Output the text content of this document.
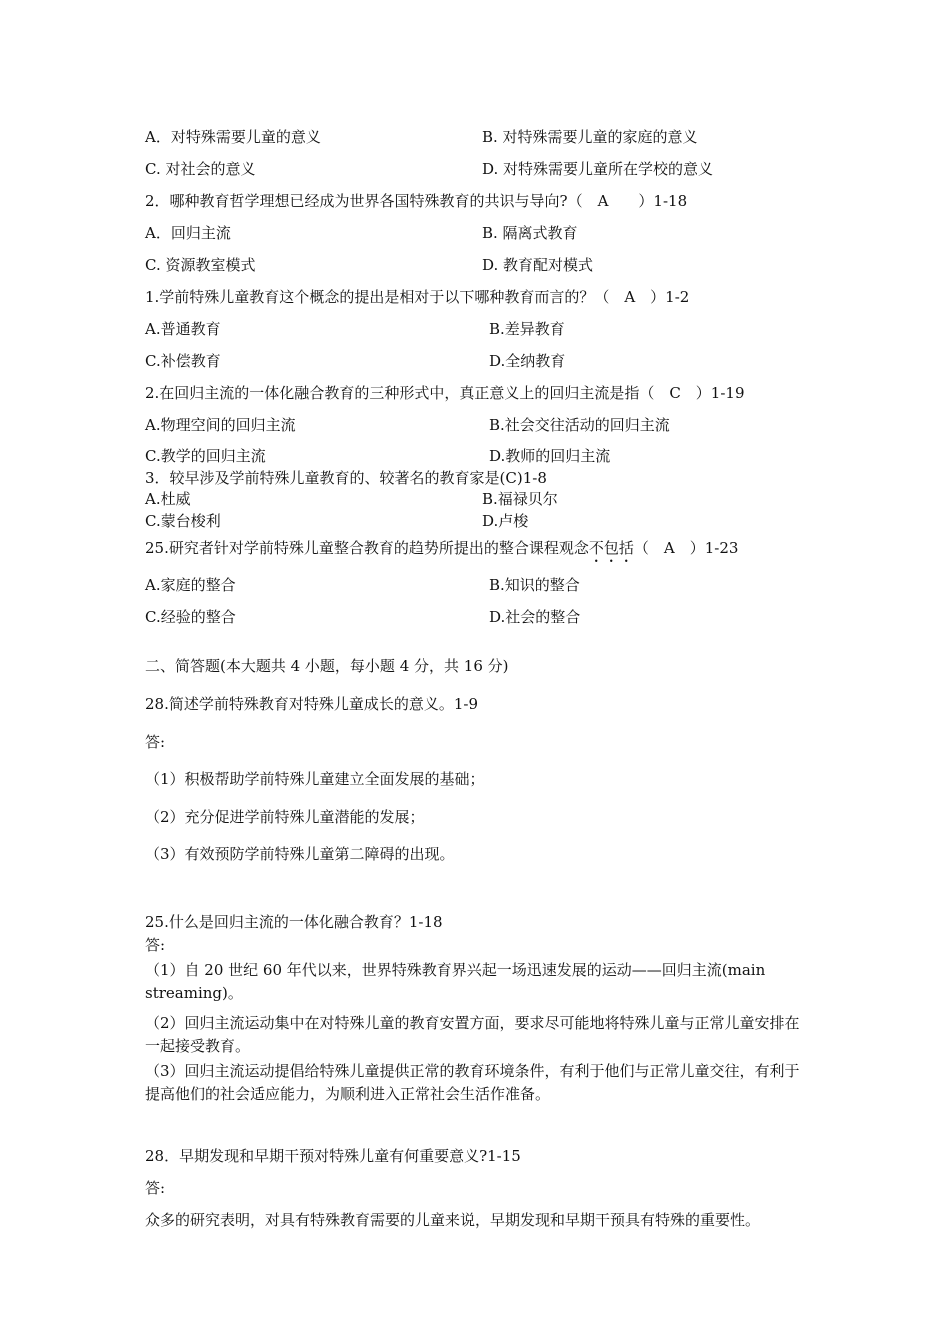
A．对特殊需要儿童的意义	B. 对特殊需要儿童的家庭的意义
C. 对社会的意义	D. 对特殊需要儿童所在学校的意义
2．哪种教育哲学理想已经成为世界各国特殊教育的共识与导向?（　A　　）1-18
A．回归主流	B. 隔离式教育
C. 资源教室模式	D. 教育配对模式
1.学前特殊儿童教育这个概念的提出是相对于以下哪种教育而言的？（　A　）1-2
A.普通教育	B.差异教育
C.补偿教育	D.全纳教育
2.在回归主流的一体化融合教育的三种形式中，真正意义上的回归主流是指（　C　）1-19
A.物理空间的回归主流	B.社会交往活动的回归主流
C.教学的回归主流	D.教师的回归主流
3．较早涉及学前特殊儿童教育的、较著名的教育家是(C)1-8
A.杜威	B.福禄贝尔
C.蒙台梭利	D.卢梭
25.研究者针对学前特殊儿童整合教育的趋势所提出的整合课程观念不包括（　A　）1-23
A.家庭的整合	B.知识的整合
C.经验的整合	D.社会的整合
二、简答题(本大题共 4 小题，每小题 4 分，共 16 分)
28.简述学前特殊教育对特殊儿童成长的意义。1-9
答:
（1）积极帮助学前特殊儿童建立全面发展的基础；
（2）充分促进学前特殊儿童潜能的发展；
（3）有效预防学前特殊儿童第二障碍的出现。
25.什么是回归主流的一体化融合教育？1-18
答:
（1）自 20 世纪 60 年代以来，世界特殊教育界兴起一场迅速发展的运动——回归主流(main streaming)。
（2）回归主流运动集中在对特殊儿童的教育安置方面，要求尽可能地将特殊儿童与正常儿童安排在一起接受教育。
（3）回归主流运动提倡给特殊儿童提供正常的教育环境条件，有利于他们与正常儿童交往，有利于提高他们的社会适应能力，为顺利进入正常社会生活作准备。
28．早期发现和早期干预对特殊儿童有何重要意义?1-15
答:
众多的研究表明，对具有特殊教育需要的儿童来说，早期发现和早期干预具有特殊的重要性。
